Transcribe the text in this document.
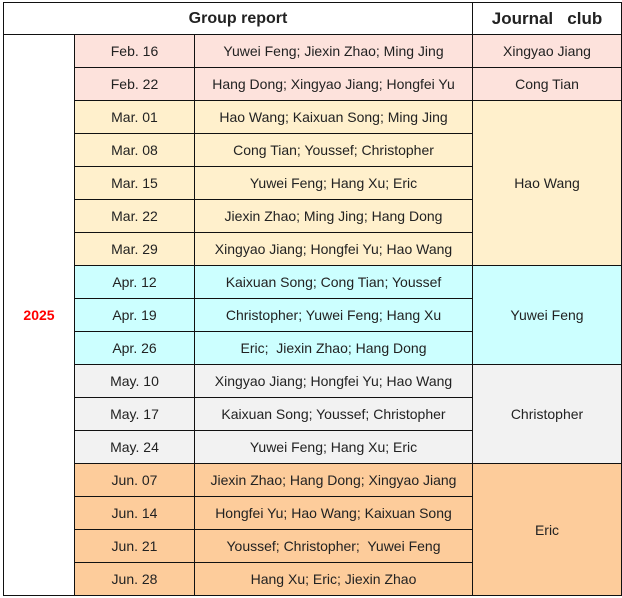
Group report			Journal   club
2025	Feb. 16	Yuwei Feng; Jiexin Zhao; Ming Jing	Xingyao Jiang
	Feb. 22	Hang Dong; Xingyao Jiang; Hongfei Yu	Cong Tian
	Mar. 01	Hao Wang; Kaixuan Song; Ming Jing	Hao Wang
	Mar. 08	Cong Tian; Youssef; Christopher	
	Mar. 15	Yuwei Feng; Hang Xu; Eric	
	Mar. 22	Jiexin Zhao; Ming Jing; Hang Dong	
	Mar. 29	Xingyao Jiang; Hongfei Yu; Hao Wang	
	Apr. 12	Kaixuan Song; Cong Tian; Youssef	Yuwei Feng
	Apr. 19	Christopher; Yuwei Feng; Hang Xu	
	Apr. 26	Eric;  Jiexin Zhao; Hang Dong	
	May. 10	Xingyao Jiang; Hongfei Yu; Hao Wang	Christopher
	May. 17	Kaixuan Song; Youssef; Christopher	
	May. 24	Yuwei Feng; Hang Xu; Eric	
	Jun. 07	Jiexin Zhao; Hang Dong; Xingyao Jiang	Eric
	Jun. 14	Hongfei Yu; Hao Wang; Kaixuan Song	
	Jun. 21	Youssef; Christopher;  Yuwei Feng	
	Jun. 28	Hang Xu; Eric; Jiexin Zhao	
